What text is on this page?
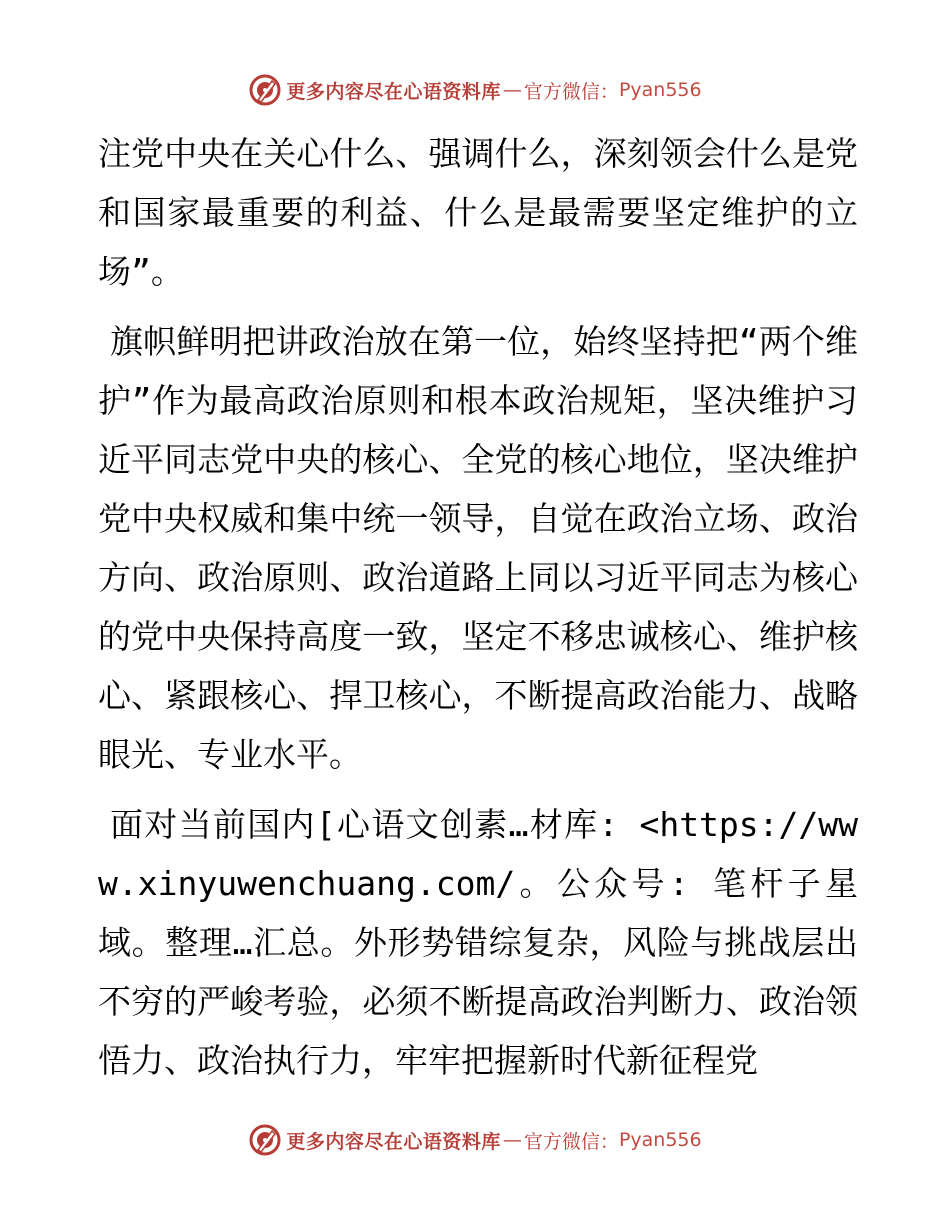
更多内容尽在心语资料库 — 官方微信： Pyan556

注党中央在关心什么、强调什么，深刻领会什么是党和国家最重要的利益、什么是最需要坚定维护的立场”。

旗帜鲜明把讲政治放在第一位，始终坚持把“两个维护”作为最高政治原则和根本政治规矩，坚决维护习近平同志党中央的核心、全党的核心地位，坚决维护党中央权威和集中统一领导，自觉在政治立场、政治方向、政治原则、政治道路上同以习近平同志为核心的党中央保持高度一致，坚定不移忠诚核心、维护核心、紧跟核心、捍卫核心，不断提高政治能力、战略眼光、专业水平。

面对当前国内[心语文创素…材库: <https://www.xinyuwenchuang.com/。公众号: 笔杆子星域。整理…汇总。外形势错综复杂，风险与挑战层出不穷的严峻考验，必须不断提高政治判断力、政治领悟力、政治执行力，牢牢把握新时代新征程党

更多内容尽在心语资料库 — 官方微信： Pyan556
